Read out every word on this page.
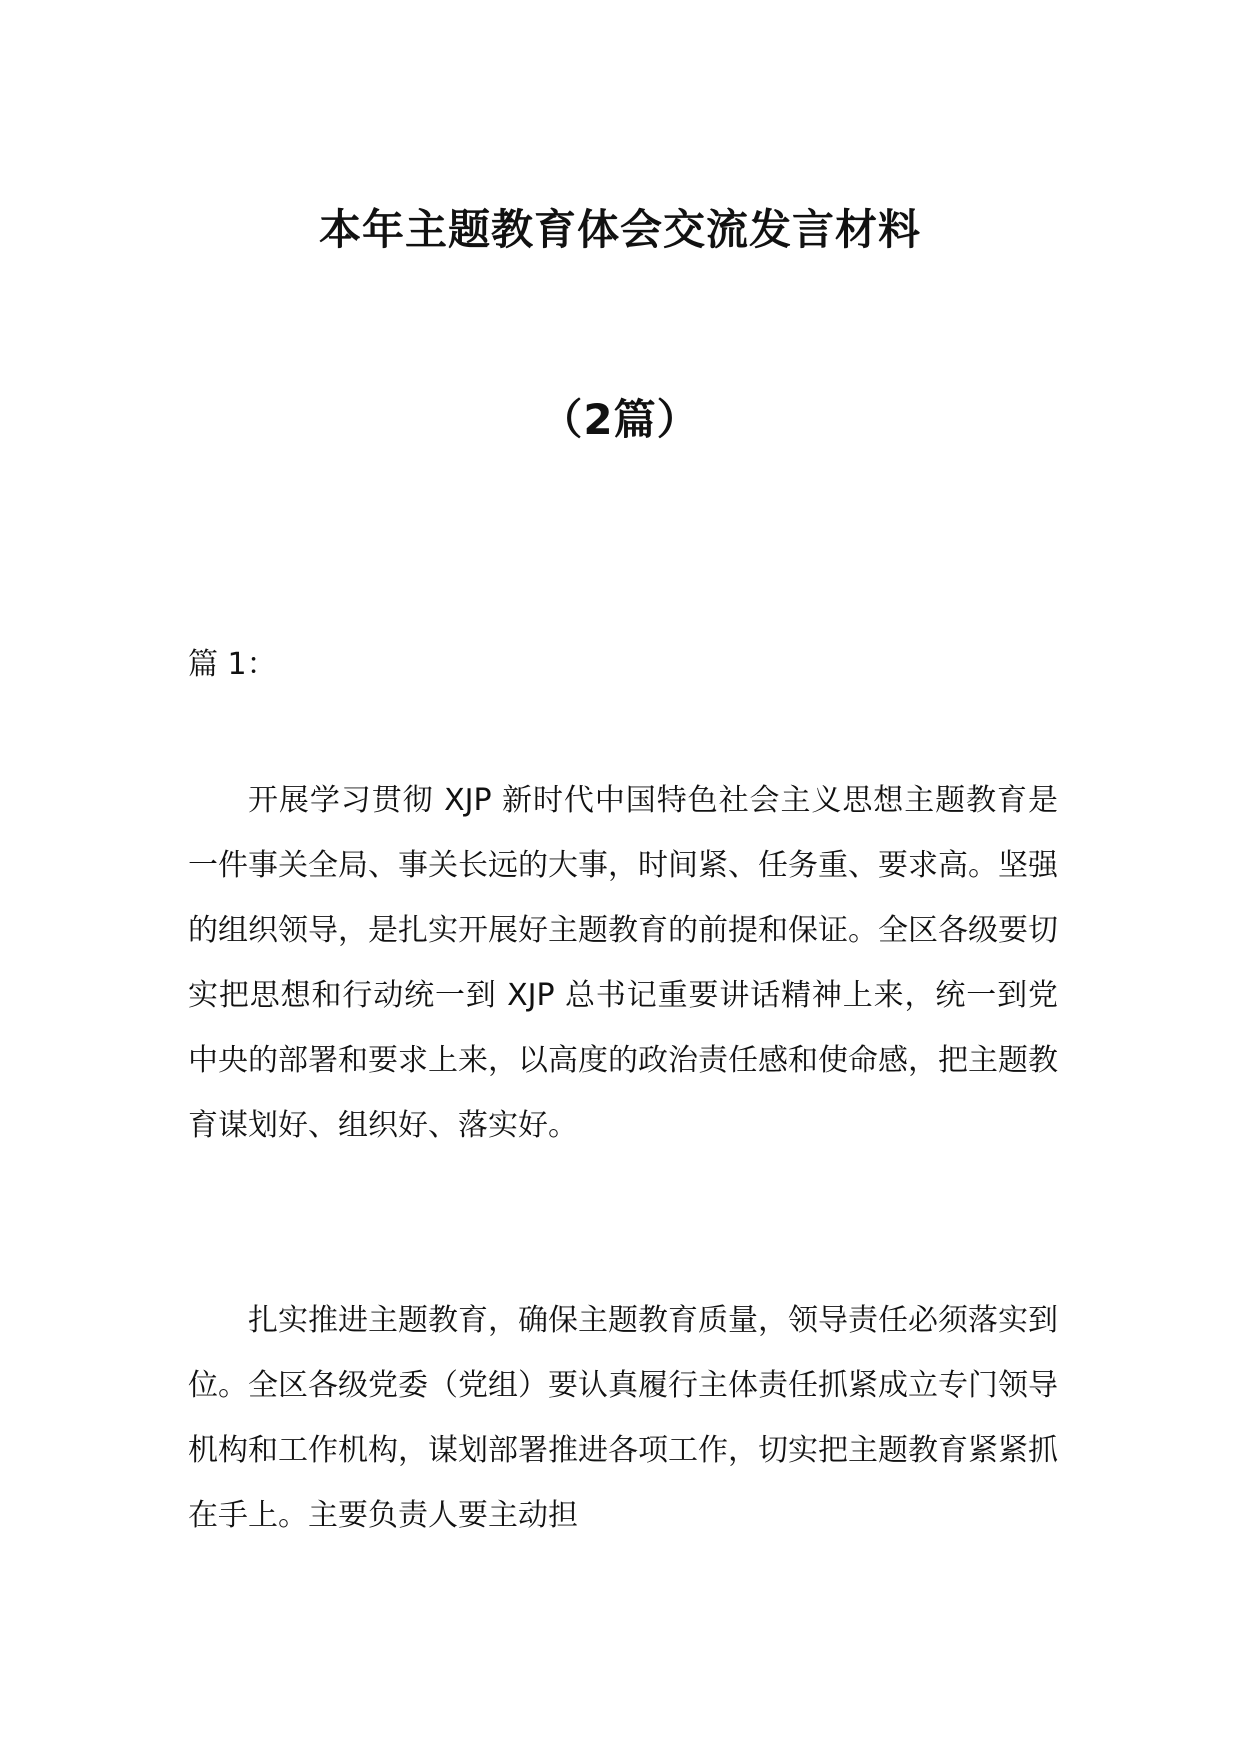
本年主题教育体会交流发言材料
（2篇）
篇 1：

开展学习贯彻 XJP 新时代中国特色社会主义思想主题教育是一件事关全局、事关长远的大事，时间紧、任务重、要求高。坚强的组织领导，是扎实开展好主题教育的前提和保证。全区各级要切实把思想和行动统一到 XJP 总书记重要讲话精神上来，统一到党中央的部署和要求上来，以高度的政治责任感和使命感，把主题教育谋划好、组织好、落实好。

扎实推进主题教育，确保主题教育质量，领导责任必须落实到位。全区各级党委（党组）要认真履行主体责任抓紧成立专门领导机构和工作机构，谋划部署推进各项工作，切实把主题教育紧紧抓在手上。主要负责人要主动担
